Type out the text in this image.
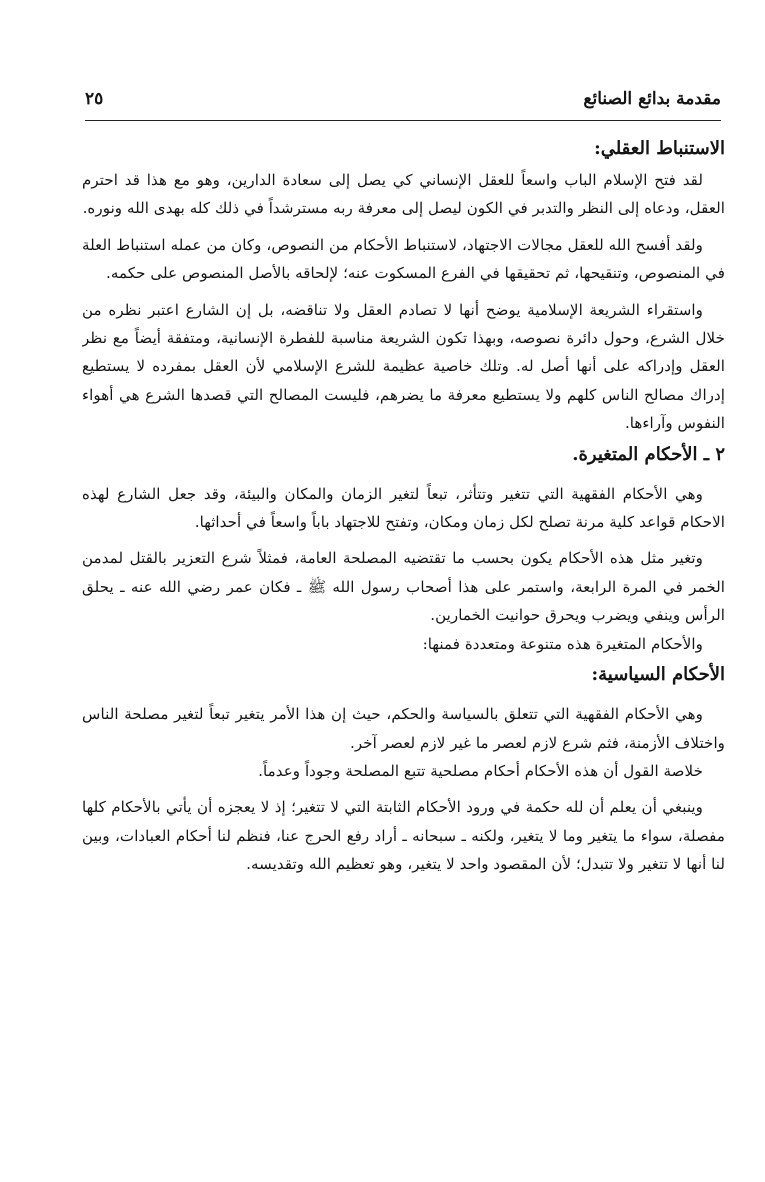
مقدمة بدائع الصنائع
٢٥
الاستنباط العقلي:

لقد فتح الإسلام الباب واسعاً للعقل الإنساني كي يصل إلى سعادة الدارين، وهو مع هذا قد احترم العقل، ودعاه إلى النظر والتدبر في الكون ليصل إلى معرفة ربه مسترشداً في ذلك كله بهدى الله ونوره.

ولقد أفسح الله للعقل مجالات الاجتهاد، لاستنباط الأحكام من النصوص، وكان من عمله استنباط العلة في المنصوص، وتنقيحها، ثم تحقيقها في الفرع المسكوت عنه؛ لإلحاقه بالأصل المنصوص على حكمه.

واستقراء الشريعة الإسلامية يوضح أنها لا تصادم العقل ولا تناقضه، بل إن الشارع اعتبر نظره من خلال الشرع، وحول دائرة نصوصه، وبهذا تكون الشريعة مناسبة للفطرة الإنسانية، ومتفقة أيضاً مع نظر العقل وإدراكه على أنها أصل له. وتلك خاصية عظيمة للشرع الإسلامي لأن العقل بمفرده لا يستطيع إدراك مصالح الناس كلهم ولا يستطيع معرفة ما يضرهم، فليست المصالح التي قصدها الشرع هي أهواء النفوس وآراءها.

٢ ـ الأحكام المتغيرة.

وهي الأحكام الفقهية التي تتغير وتتأثر، تبعاً لتغير الزمان والمكان والبيئة، وقد جعل الشارع لهذه الاحكام قواعد كلية مرنة تصلح لكل زمان ومكان، وتفتح للاجتهاد باباً واسعاً في أحداثها.

وتغير مثل هذه الأحكام يكون بحسب ما تقتضيه المصلحة العامة، فمثلاً شرع التعزير بالقتل لمدمن الخمر في المرة الرابعة، واستمر على هذا أصحاب رسول الله ﷺ ـ فكان عمر رضي الله عنه ـ يحلق الرأس وينفي ويضرب ويحرق حوانيت الخمارين.

والأحكام المتغيرة هذه متنوعة ومتعددة فمنها:

الأحكام السياسية:

وهي الأحكام الفقهية التي تتعلق بالسياسة والحكم، حيث إن هذا الأمر يتغير تبعاً لتغير مصلحة الناس واختلاف الأزمنة، فثم شرع لازم لعصر ما غير لازم لعصر آخر.

خلاصة القول أن هذه الأحكام أحكام مصلحية تتبع المصلحة وجوداً وعدماً.

وينبغي أن يعلم أن لله حكمة في ورود الأحكام الثابتة التي لا تتغير؛ إذ لا يعجزه أن يأتي بالأحكام كلها مفصلة، سواء ما يتغير وما لا يتغير، ولكنه ـ سبحانه ـ أراد رفع الحرج عنا، فنظم لنا أحكام العبادات، وبين لنا أنها لا تتغير ولا تتبدل؛ لأن المقصود واحد لا يتغير، وهو تعظيم الله وتقديسه.
